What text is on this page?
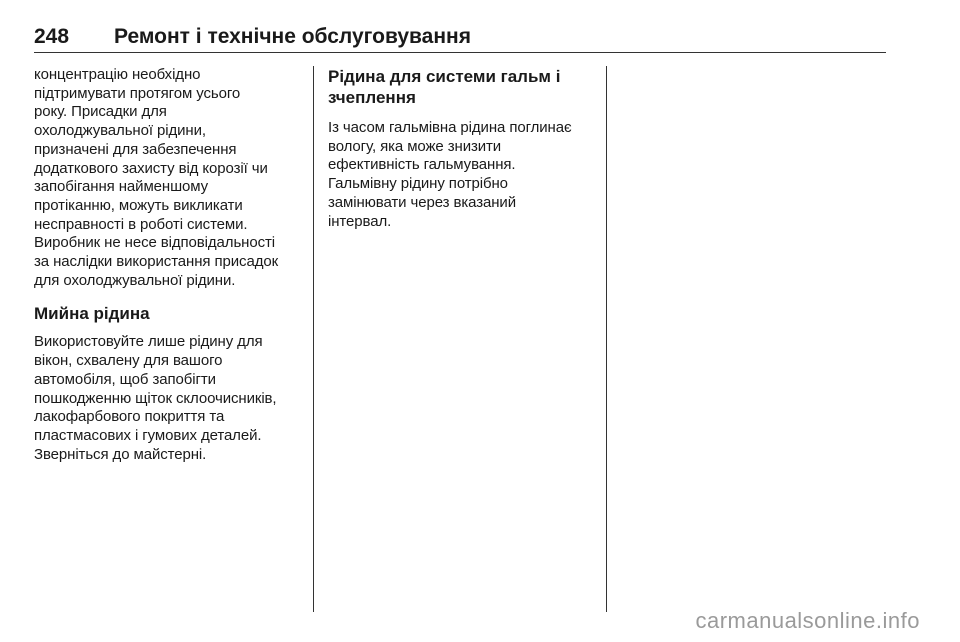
248 Ремонт і технічне обслуговування

концентрацію необхідно
підтримувати протягом усього
року. Присадки для
охолоджувальної рідини,
призначені для забезпечення
додаткового захисту від корозії чи
запобігання найменшому
протіканню, можуть викликати
несправності в роботі системи.
Виробник не несе відповідальності
за наслідки використання присадок
для охолоджувальної рідини.

Мийна рідина

Використовуйте лише рідину для
вікон, схвалену для вашого
автомобіля, щоб запобігти
пошкодженню щіток склоочисників,
лакофарбового покриття та
пластмасових і гумових деталей.
Зверніться до майстерні.

Рідина для системи гальм і
зчеплення

Із часом гальмівна рідина поглинає
вологу, яка може знизити
ефективність гальмування.
Гальмівну рідину потрібно
замінювати через вказаний
інтервал.

carmanualsonline.info
